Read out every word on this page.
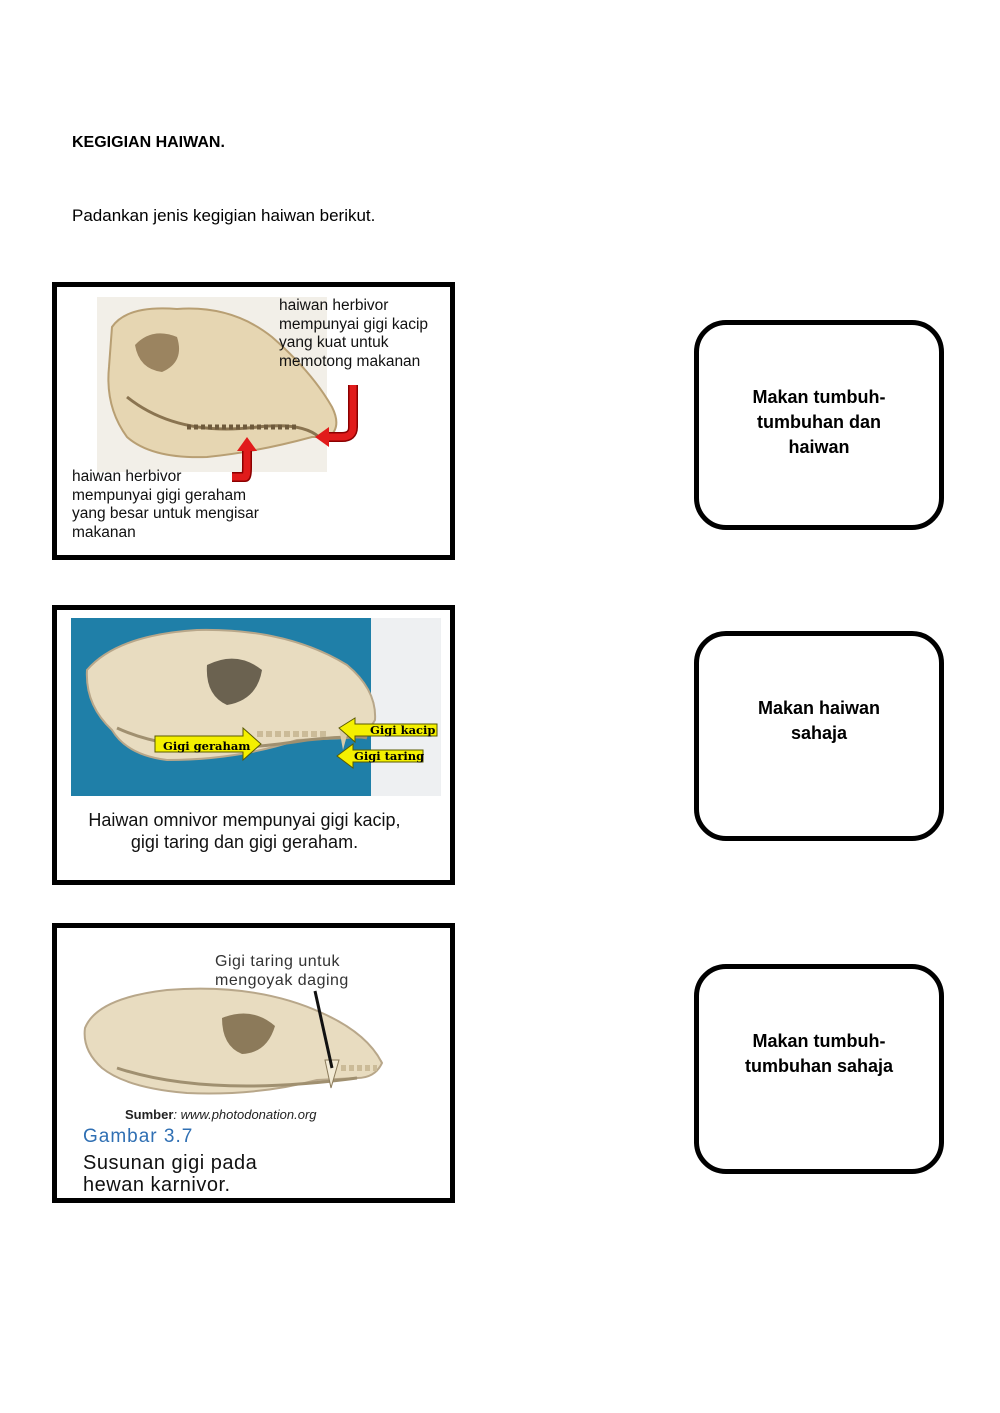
KEGIGIAN HAIWAN.
Padankan jenis kegigian haiwan berikut.
haiwan herbivor
mempunyai gigi kacip
yang kuat untuk
memotong makanan
haiwan herbivor
mempunyai gigi geraham
yang besar untuk mengisar
makanan
Gigi kacip
Gigi geraham
Gigi taring
Haiwan omnivor mempunyai gigi kacip,
gigi taring dan gigi geraham.
Gigi taring untuk
mengoyak daging
Sumber: www.photodonation.org
Gambar 3.7
Susunan gigi pada
hewan karnivor.
Makan tumbuh-tumbuhan dan haiwan
Makan haiwan sahaja
Makan tumbuh-tumbuhan sahaja
